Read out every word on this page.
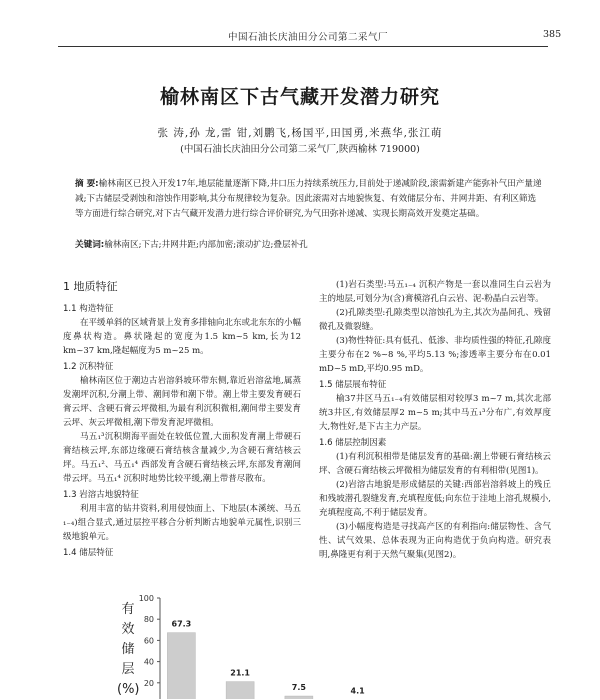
中国石油长庆油田分公司第二采气厂	385
榆林南区下古气藏开发潜力研究
张 涛,孙 龙,雷 钳,刘鹏飞,杨国平,田国勇,米燕华,张江萌
(中国石油长庆油田分公司第二采气厂,陕西榆林 719000)
摘 要:榆林南区已投入开发17年,地层能量逐渐下降,井口压力持续系统压力,目前处于递减阶段,滚需新建产能弥补气田产量递减;下古储层受剥蚀和溶蚀作用影响,其分布规律较为复杂。因此滚需对古地貌恢复、有效储层分布、井网井距、有利区筛选等方面进行综合研究,对下古气藏开发潜力进行综合评价研究,为气田弥补递减、实现长期高效开发奠定基础。
关键词:榆林南区;下古;井网井距;内部加密;滚动扩边;叠层补孔
1 地质特征
1.1 构造特征

在平缓单斜的区域背景上发育多排轴向北东或北东东的小幅度鼻状构造。鼻状隆起的宽度为1.5 km~5 km,长为12 km~37 km,隆起幅度为5 m~25 m。

1.2 沉积特征

榆林南区位于潮边古岩溶斜坡环带东侧,靠近岩溶盆地,属蒸发潮坪沉积,分潮上带、潮间带和潮下带。潮上带主要发育硬石膏云坪、含硬石膏云坪微相,为最有利沉积微相,潮间带主要发育云坪、灰云坪微相,潮下带发育泥坪微相。

马五₁³沉积期海平面处在较低位置,大面积发育潮上带硬石膏结核云坪,东部边缘硬石膏结核含量减少,为含硬石膏结核云坪。马五₁²、马五₁⁴ 西部发育含硬石膏结核云坪,东部发育潮间带云坪。马五₁⁴ 沉积时地势比较平缓,潮上带普尽散布。

1.3 岩溶古地貌特征

利用丰富的钻井资料,利用侵蚀面上、下地层(本溪统、马五₁₋₄)组合显式,通过层控平移合分析判断古地貌单元属性,识别三级地貌单元。

1.4 储层特征

(1)岩石类型:马五₁₋₄ 沉积产物是一套以准同生白云岩为主的地层,可划分为(含)膏模溶孔白云岩、泥-粉晶白云岩等。

(2)孔隙类型:孔隙类型以溶蚀孔为主,其次为晶间孔、残留微孔及微裂缝。

(3)物性特征:具有低孔、低渗、非均质性强的特征,孔隙度主要分布在2 %~8 %,平均5.13 %;渗透率主要分布在0.01 mD~5 mD,平均0.95 mD。

1.5 储层展布特征

榆37井区马五₁₋₄有效储层相对较厚3 m~7 m,其次北部统3井区,有效储层厚2 m~5 m;其中马五₁³分布广,有效厚度大,物性好,是下古主力产层。

1.6 储层控制因素

(1)有利沉积相带是储层发育的基础:潮上带硬石膏结核云坪、含硬石膏结核云坪微相为储层发育的有利相带(见图1)。

(2)岩溶古地貌是形成储层的关键:西部岩溶斜坡上的残丘和残坡潜孔裂缝发育,充填程度低;向东位于洼地上溶孔规模小,充填程度高,不利于储层发育。

(3)小幅度构造是寻找高产区的有利指向:储层物性、含气性、试气效果、总体表现为正向构造优于负向构造。研究表明,鼻隆更有利于天然气聚集(见图2)。

有
效
储
层
(%) 20
40
60
80
100
67.3
21.1
7.5	4.1
